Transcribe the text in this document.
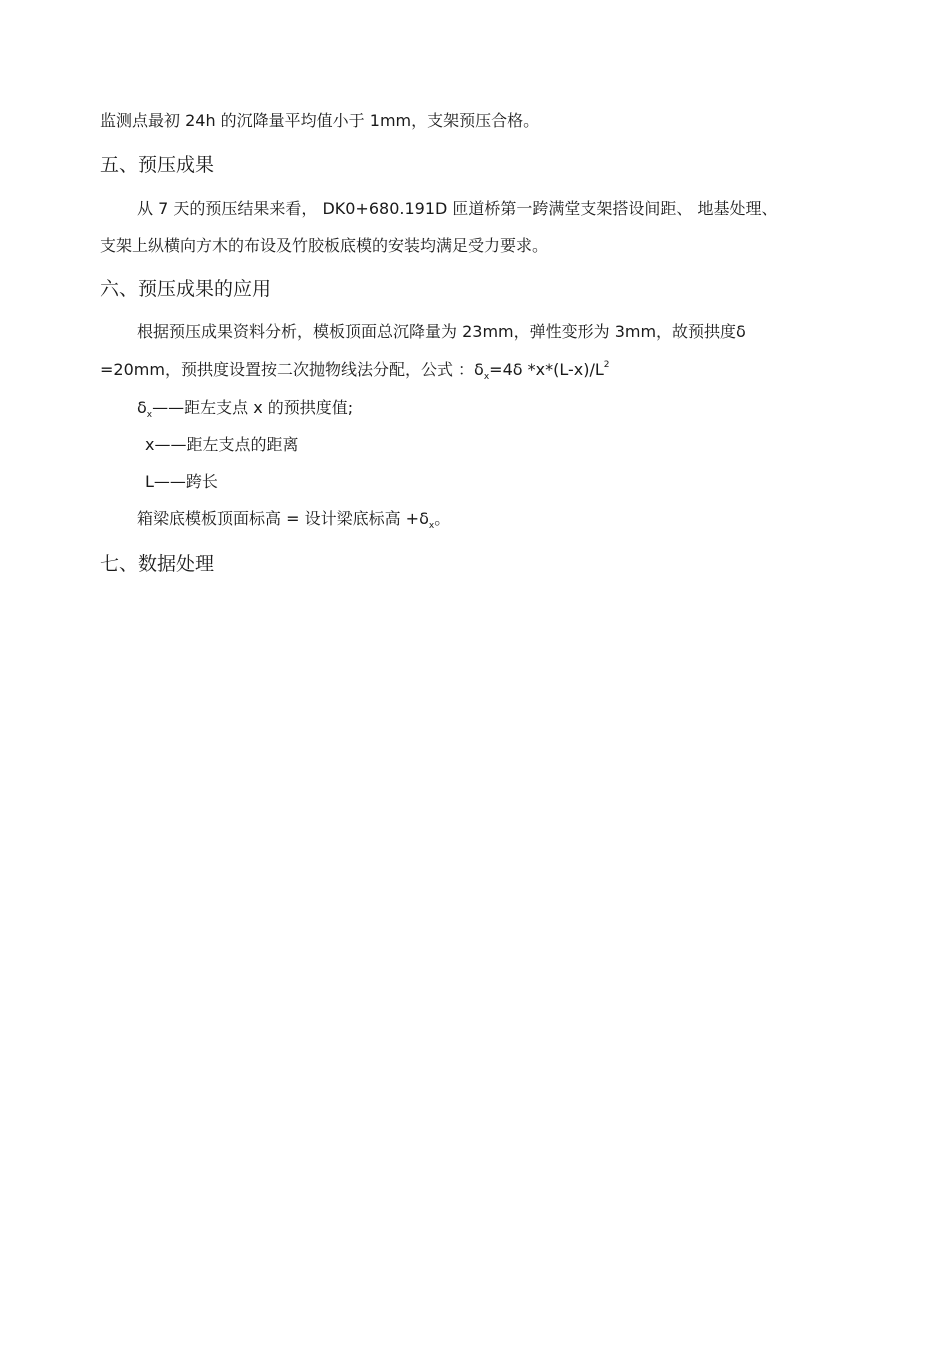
监测点最初 24h 的沉降量平均值小于 1mm，支架预压合格。
五、预压成果
从 7 天的预压结果来看， DK0+680.191D 匝道桥第一跨满堂支架搭设间距、 地基处理、
支架上纵横向方木的布设及竹胶板底模的安装均满足受力要求。
六、预压成果的应用
根据预压成果资料分析，模板顶面总沉降量为 23mm，弹性变形为 3mm，故预拱度δ
=20mm，预拱度设置按二次抛物线法分配，公式 ：$\delta_x=4\delta$ $*x*(L-x)/L^2$
$\delta_x——$距左支点 x 的预拱度值;
x——距左支点的距离
L——跨长
箱梁底模板顶面标高 = 设计梁底标高 $+\delta_x$。
七、数据处理
